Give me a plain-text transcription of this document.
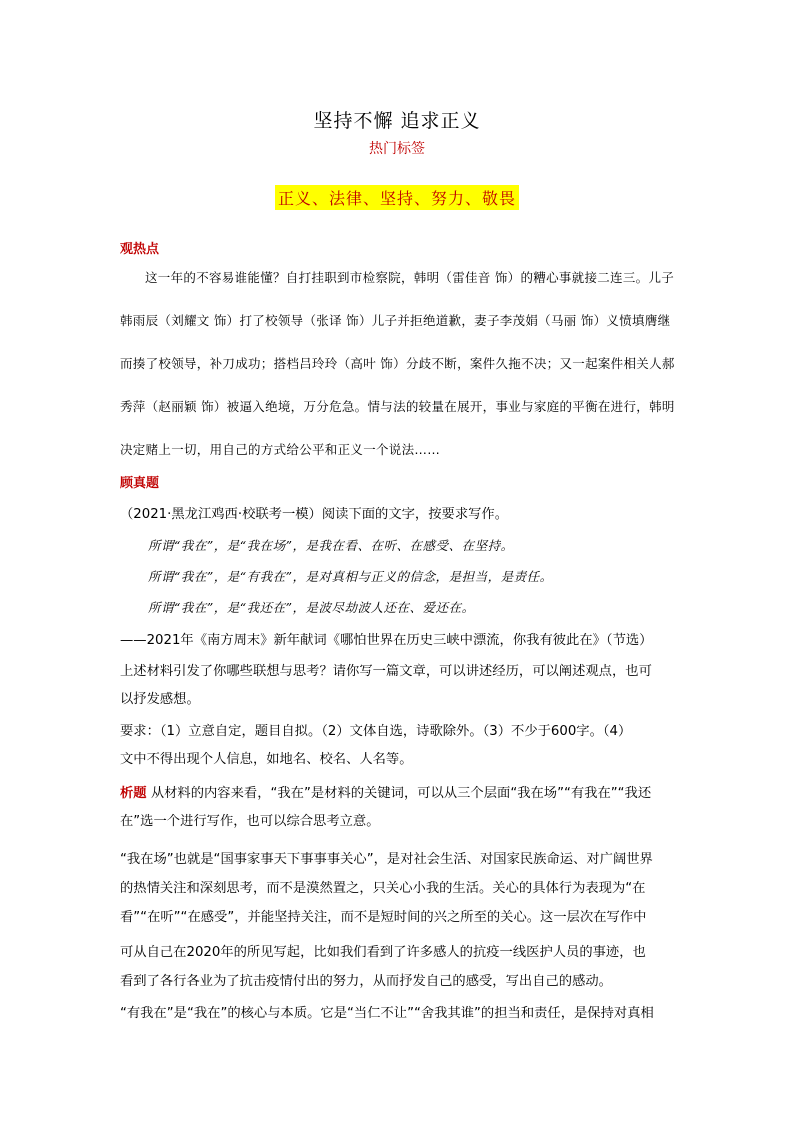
坚持不懈 追求正义
热门标签
正义、法律、坚持、努力、敬畏
观热点
这一年的不容易谁能懂？自打挂职到市检察院，韩明（雷佳音 饰）的糟心事就接二连三。儿子
韩雨辰（刘耀文 饰）打了校领导（张译 饰）儿子并拒绝道歉，妻子李茂娟（马丽 饰）义愤填膺继
而揍了校领导，补刀成功；搭档吕玲玲（高叶 饰）分歧不断，案件久拖不决；又一起案件相关人郝
秀萍（赵丽颖 饰）被逼入绝境，万分危急。情与法的较量在展开，事业与家庭的平衡在进行，韩明
决定赌上一切，用自己的方式给公平和正义一个说法……
顾真题
（2021·黑龙江鸡西·校联考一模）阅读下面的文字，按要求写作。
所谓“我在”，是“我在场”，是我在看、在听、在感受、在坚持。
所谓“我在”，是“有我在”，是对真相与正义的信念，是担当，是责任。
所谓“我在”，是“我还在”，是波尽劫波人还在、爱还在。
——2021年《南方周末》新年献词《哪怕世界在历史三峡中漂流，你我有彼此在》（节选）
上述材料引发了你哪些联想与思考？请你写一篇文章，可以讲述经历，可以阐述观点，也可
以抒发感想。
要求：（1）立意自定，题目自拟。（2）文体自选，诗歌除外。（3）不少于600字。（4）
文中不得出现个人信息，如地名、校名、人名等。
析题 从材料的内容来看，“我在”是材料的关键词，可以从三个层面“我在场”“有我在”“我还
在”选一个进行写作，也可以综合思考立意。
“我在场”也就是“国事家事天下事事事关心”，是对社会生活、对国家民族命运、对广阔世界
的热情关注和深刻思考，而不是漠然置之，只关心小我的生活。关心的具体行为表现为“在
看”“在听”“在感受”，并能坚持关注，而不是短时间的兴之所至的关心。这一层次在写作中
可从自己在2020年的所见写起，比如我们看到了许多感人的抗疫一线医护人员的事迹，也
看到了各行各业为了抗击疫情付出的努力，从而抒发自己的感受，写出自己的感动。
“有我在”是“我在”的核心与本质。它是“当仁不让”“舍我其谁”的担当和责任，是保持对真相
